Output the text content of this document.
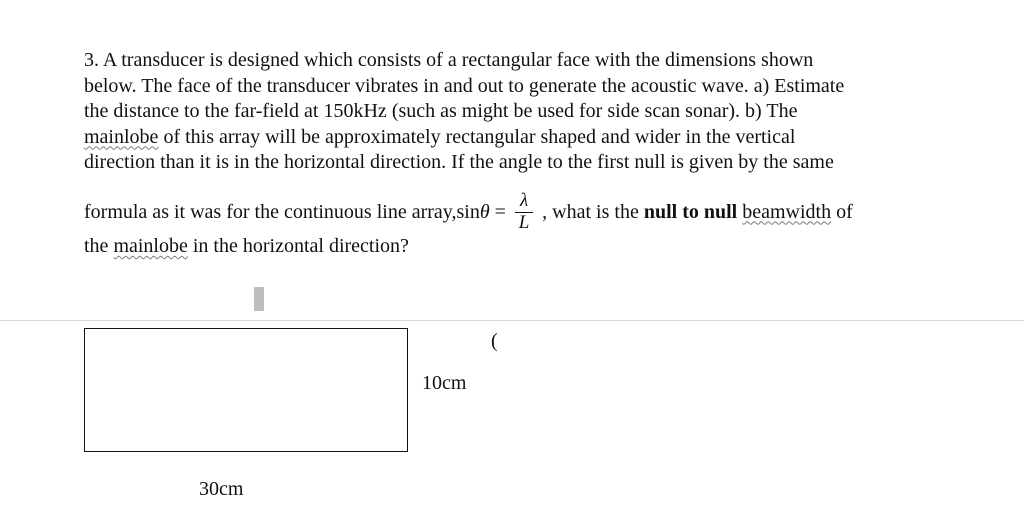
3. A transducer is designed which consists of a rectangular face with the dimensions shown
below. The face of the transducer vibrates in and out to generate the acoustic wave. a) Estimate
the distance to the far-field at 150kHz (such as might be used for side scan sonar). b) The
mainlobe of this array will be approximately rectangular shaped and wider in the vertical
direction than it is in the horizontal direction. If the angle to the first null is given by the same
formula as it was for the continuous line array, $\sin \theta = \frac{\lambda}{L}$ , what is the null to null
beamwidth of
the mainlobe in the horizontal direction?
10cm
30cm
(
